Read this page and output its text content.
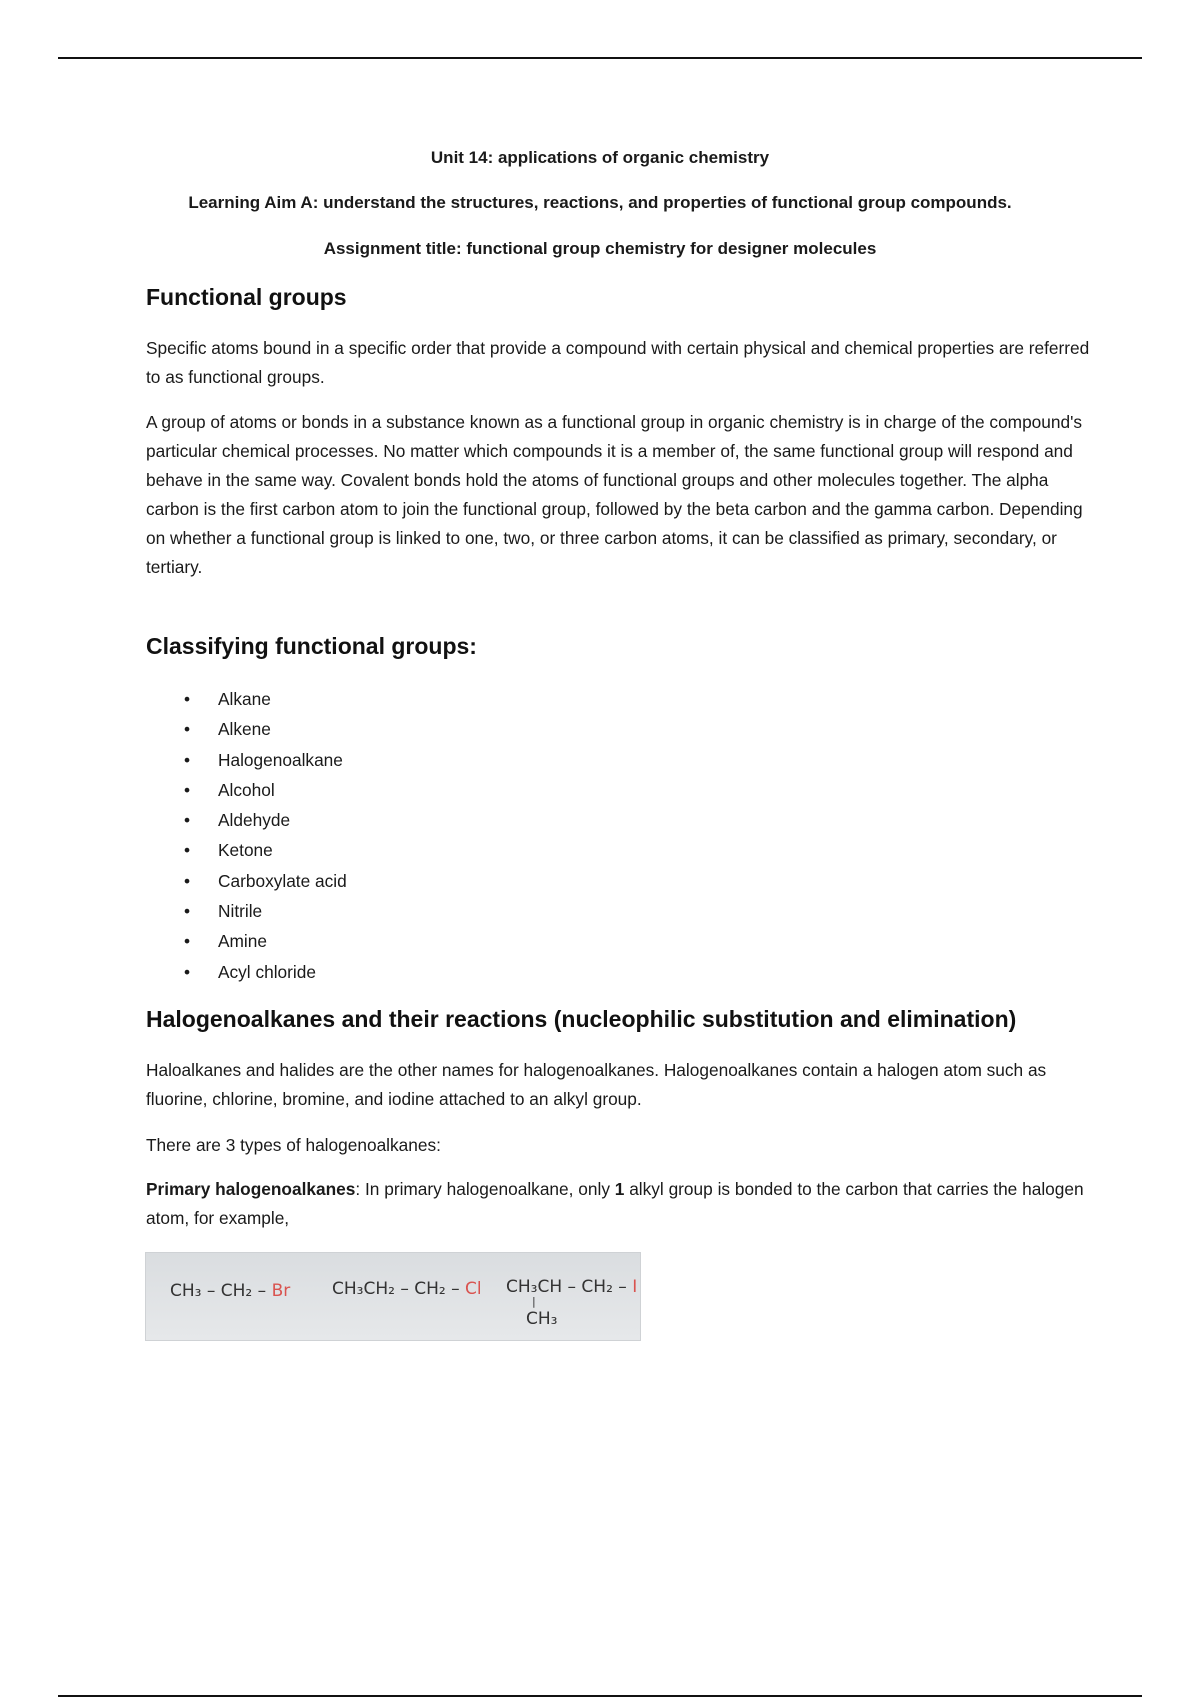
Unit 14: applications of organic chemistry
Learning Aim A: understand the structures, reactions, and properties of functional group compounds.
Assignment title: functional group chemistry for designer molecules
Functional groups

Specific atoms bound in a specific order that provide a compound with certain physical and chemical properties are referred to as functional groups.

A group of atoms or bonds in a substance known as a functional group in organic chemistry is in charge of the compound's particular chemical processes. No matter which compounds it is a member of, the same functional group will respond and behave in the same way. Covalent bonds hold the atoms of functional groups and other molecules together. The alpha carbon is the first carbon atom to join the functional group, followed by the beta carbon and the gamma carbon. Depending on whether a functional group is linked to one, two, or three carbon atoms, it can be classified as primary, secondary, or tertiary.

Classifying functional groups:
• Alkane
• Alkene
• Halogenoalkane
• Alcohol
• Aldehyde
• Ketone
• Carboxylate acid
• Nitrile
• Amine
• Acyl chloride
Halogenoalkanes and their reactions (nucleophilic substitution and elimination)

Haloalkanes and halides are the other names for halogenoalkanes. Halogenoalkanes contain a halogen atom such as fluorine, chlorine, bromine, and iodine attached to an alkyl group.

There are 3 types of halogenoalkanes:

Primary halogenoalkanes: In primary halogenoalkane, only 1 alkyl group is bonded to the carbon that carries the halogen atom, for example,

CH₃ – CH₂ – Br CH₃CH₂ – CH₂ – Cl CH₃CH – CH₂ – I
|
CH₃
